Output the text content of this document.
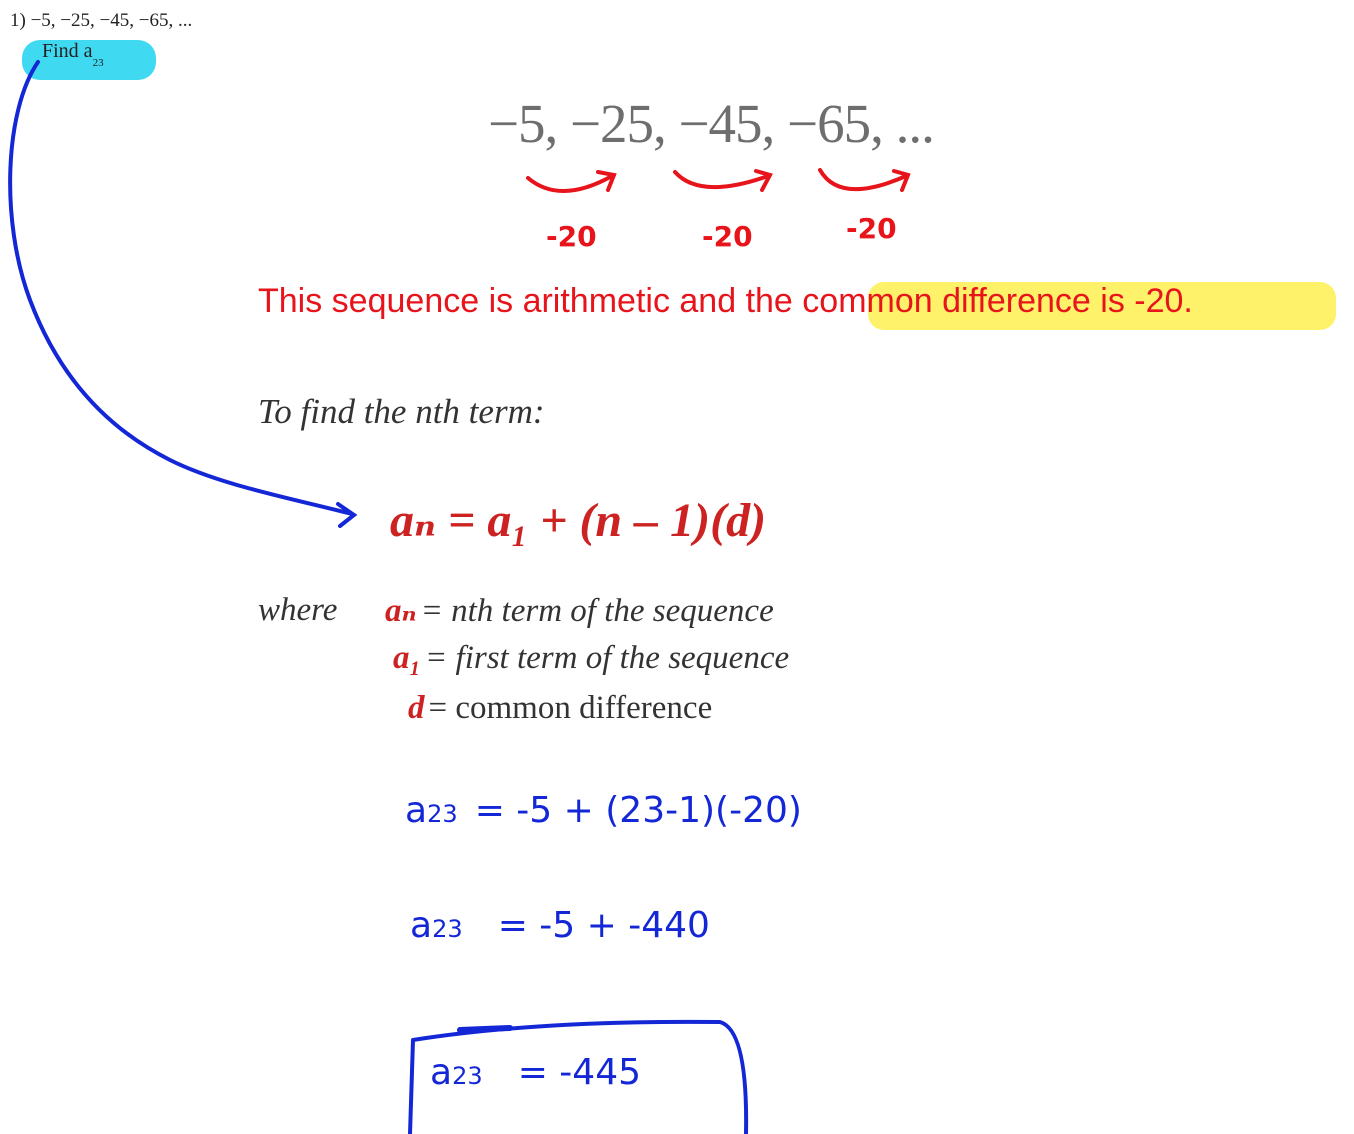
1) −5, −25, −45, −65, ...
Find $a_{23}$
−5, −25, −45, −65, ...
-20	-20	-20
This sequence is arithmetic and the common difference is -20.
To find the nth term:
aₙ = a₁ + (n – 1)(d)
where aₙ = nth term of the sequence
a₁ = first term of the sequence
d = common difference
a23 = -5 + (23-1)(-20)
a23 = -5 + -440
a23 = -445
